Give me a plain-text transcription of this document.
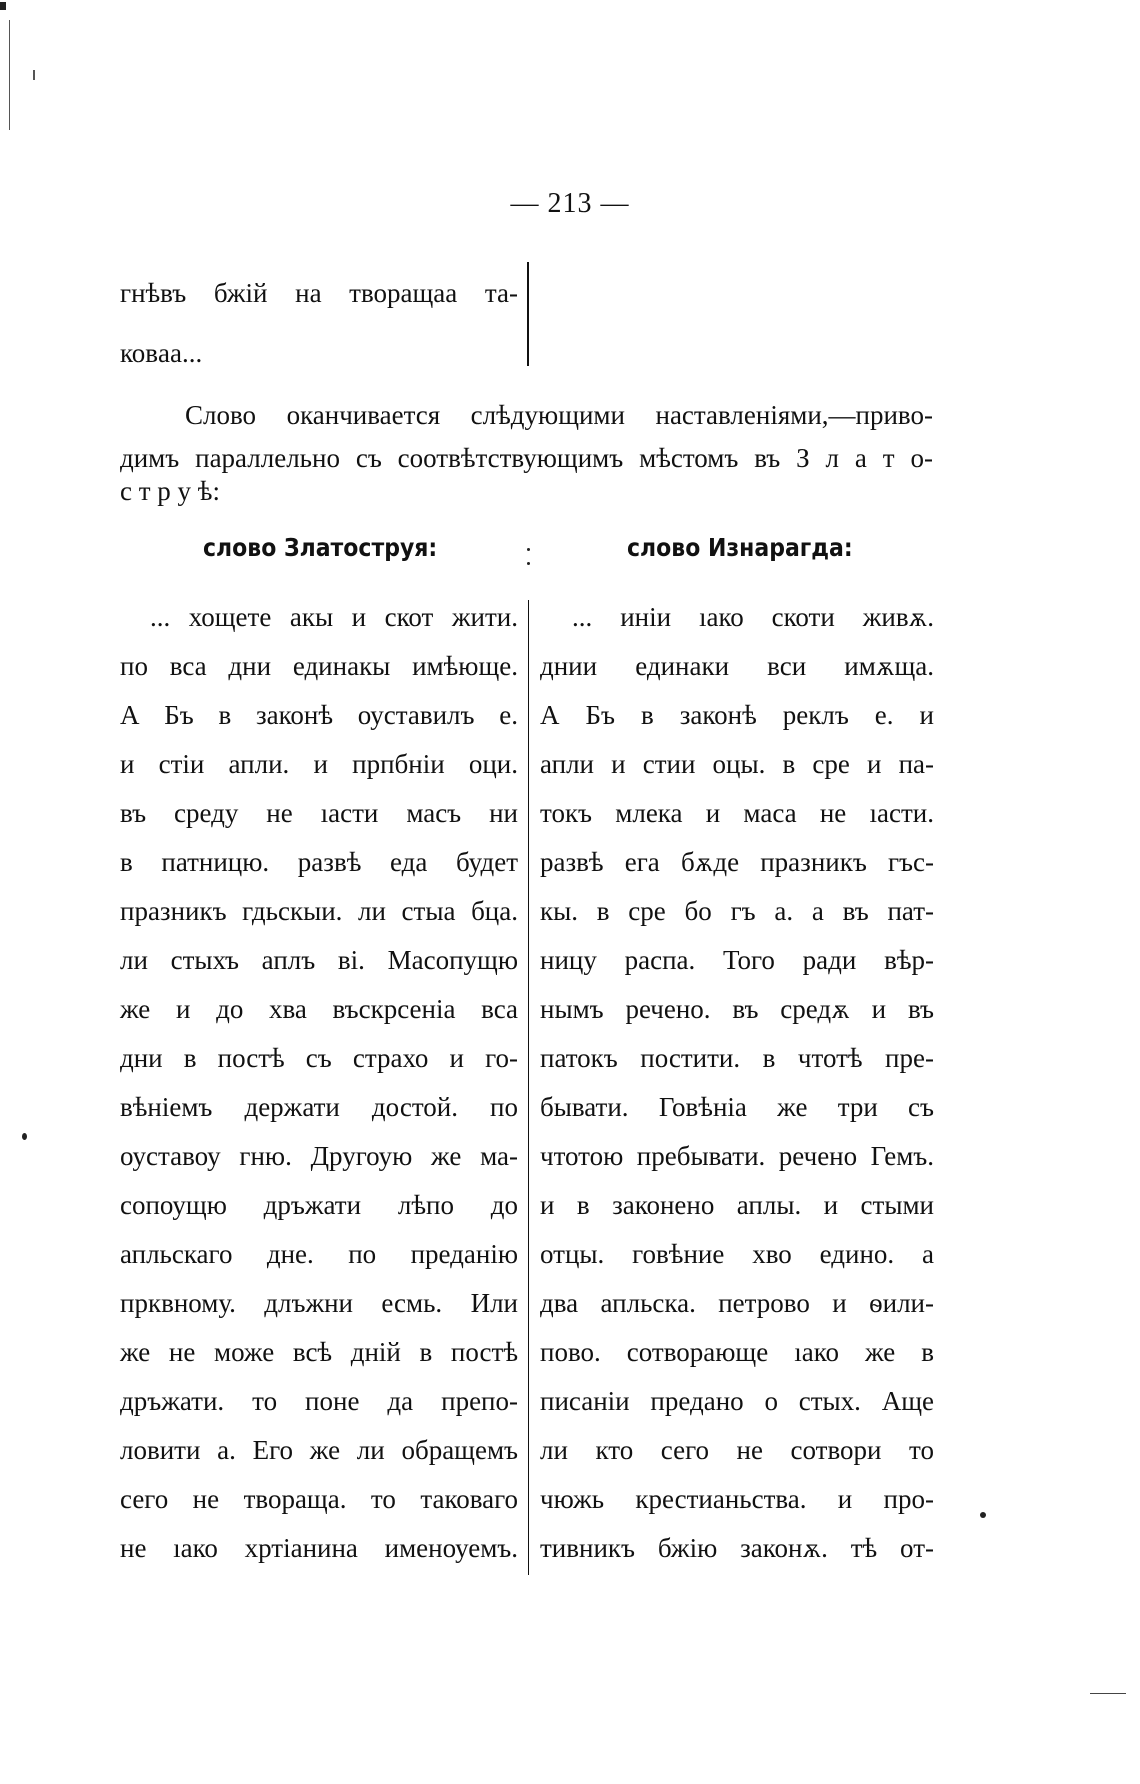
— 213 —
гнѣвъ бжій на творащаа та-
ковaa...
Слово оканчивается слѣдующими наставленіями,—приво-
димъ параллельно съ соотвѣтствующимъ мѣстомъ въ З л а т о-
с т р у ѣ:
слово Златоструя:	слово Изнарагда:
... хощете акы и скот жити.
по вса дни единакы имѣюще.
А Бъ в законѣ оуставилъ е.
и стіи апли. и прпбніи оци.
въ среду не ıасти масъ ни
в патницю. развѣ еда будет
празникъ гдьскыи. ли стыа бца.
ли стыхъ аплъ ві. Масопущю
же и до хва въскрсеніа вса
дни в постѣ съ страхо и го-
вѣніемъ держати достой. по
оуставоу гню. Другоую же ма-
сопоущю дръжати лѣпо до
апльскаго дне. по преданію
прквному. длъжни есмь. Или
же не може всѣ дній в постѣ
дръжати. то поне да препо-
ловити а. Его же ли обращемъ
сего не твораща. то таковаго
не ıако хртіанина именоуемъ.
... иніи ıако скоти живѫ.
днии единаки вси имѫща.
А Бъ в законѣ реклъ е. и
апли и стии оцы. в сре и па-
токъ млека и маса не ıасти.
развѣ ега бѫде празникъ гъс-
кы. в сре бо гъ а. а въ пат-
ницу распа. Того ради вѣр-
нымъ речено. въ средѫ и въ
патокъ постити. в чтотѣ пре-
бывати. Говѣніа же три съ
чтотою пребывати. речено Гемъ.
и в законено аплы. и стыми
отцы. говѣние хво едино. а
два апльска. петрово и ѳили-
пово. сотворающе ıако же в
писаніи предано о стых. Аще
ли кто сего не сотвори то
чюжь крестианьства. и про-
тивникъ бжію законѫ. тѣ от-
